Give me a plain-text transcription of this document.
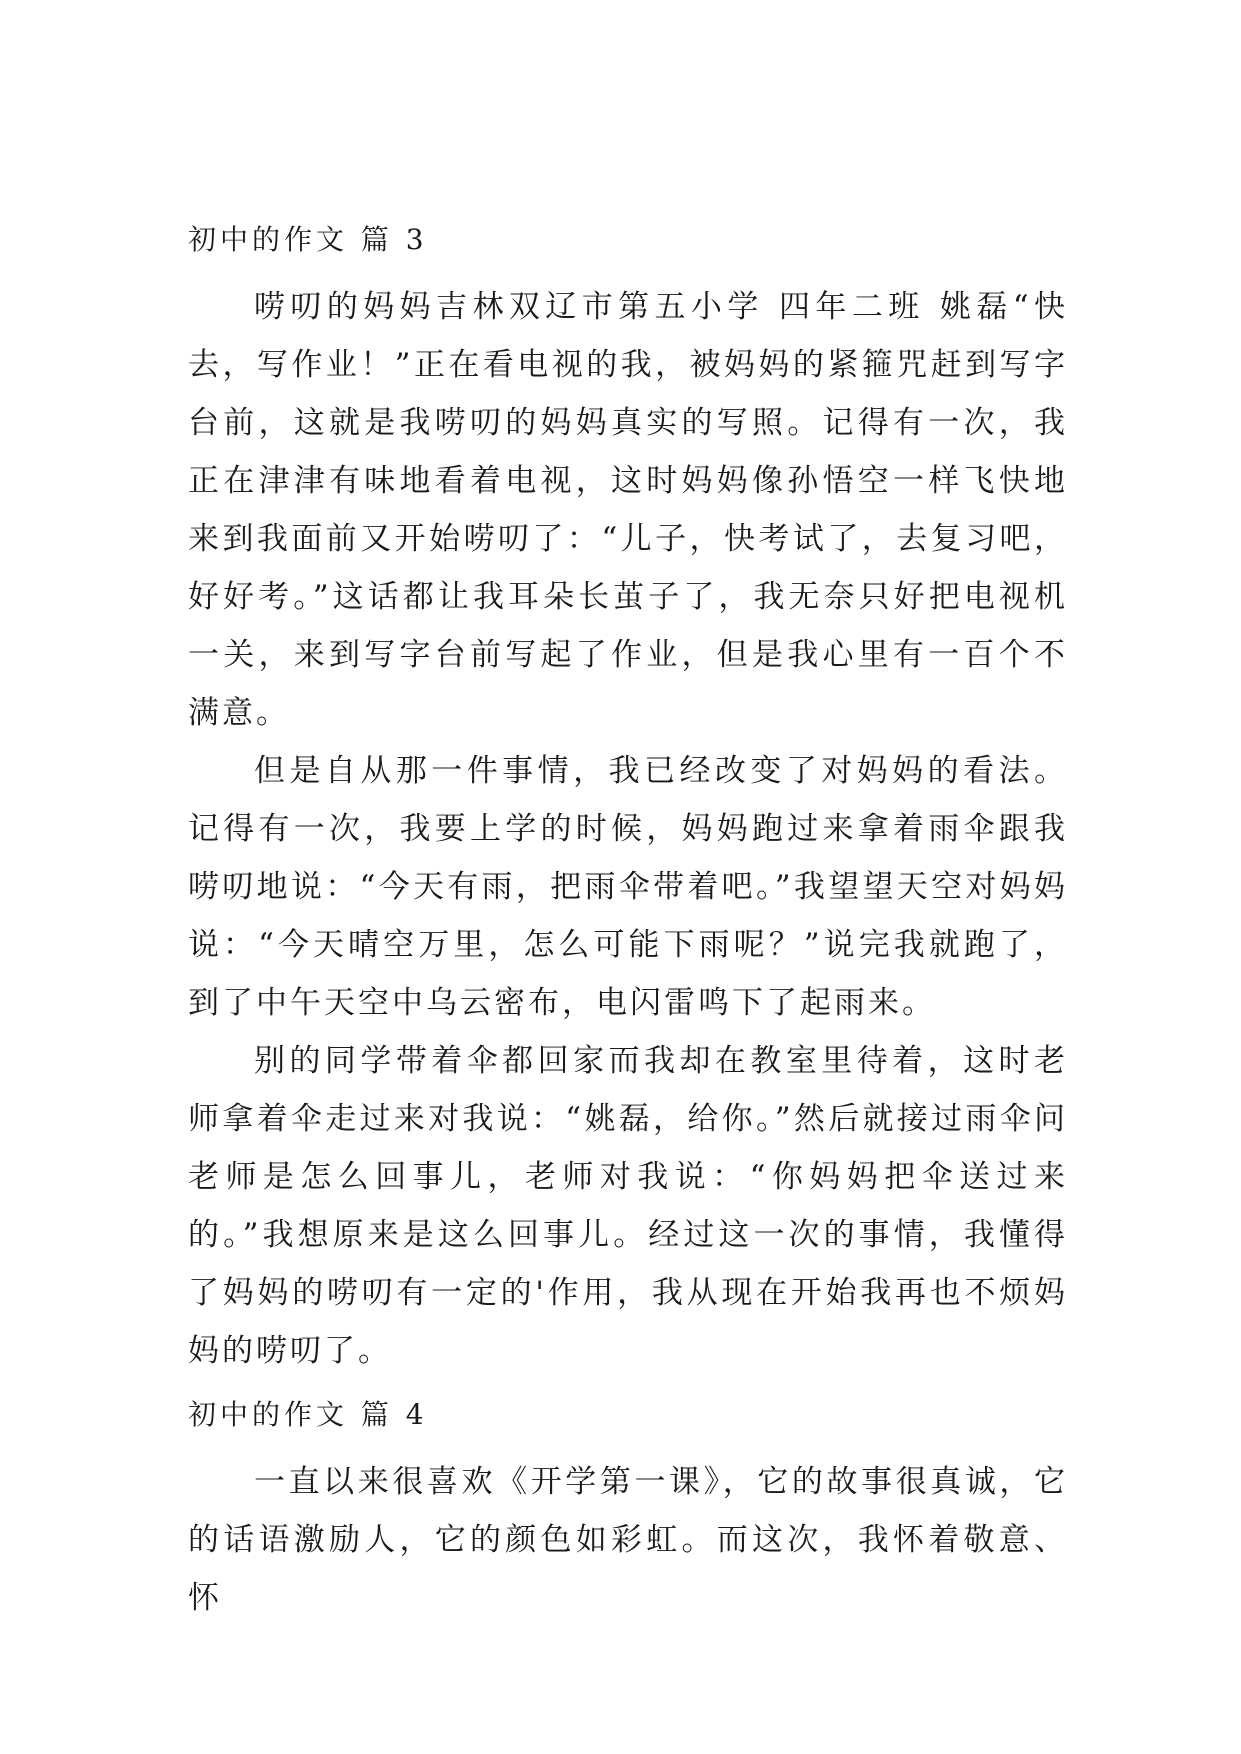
初中的作文 篇 3

唠叨的妈妈吉林双辽市第五小学 四年二班 姚磊“快去，写作业！”正在看电视的我，被妈妈的紧箍咒赶到写字台前，这就是我唠叨的妈妈真实的写照。记得有一次，我正在津津有味地看着电视，这时妈妈像孙悟空一样飞快地来到我面前又开始唠叨了：“儿子，快考试了，去复习吧，好好考。”这话都让我耳朵长茧子了，我无奈只好把电视机一关，来到写字台前写起了作业，但是我心里有一百个不满意。

但是自从那一件事情，我已经改变了对妈妈的看法。记得有一次，我要上学的时候，妈妈跑过来拿着雨伞跟我唠叨地说：“今天有雨，把雨伞带着吧。”我望望天空对妈妈说：“今天晴空万里，怎么可能下雨呢？”说完我就跑了，到了中午天空中乌云密布，电闪雷鸣下了起雨来。

别的同学带着伞都回家而我却在教室里待着，这时老师拿着伞走过来对我说：“姚磊，给你。”然后就接过雨伞问老师是怎么回事儿，老师对我说：“你妈妈把伞送过来的。”我想原来是这么回事儿。经过这一次的事情，我懂得了妈妈的唠叨有一定的'作用，我从现在开始我再也不烦妈妈的唠叨了。

初中的作文 篇 4

一直以来很喜欢《开学第一课》，它的故事很真诚，它的话语激励人，它的颜色如彩虹。而这次，我怀着敬意、怀
